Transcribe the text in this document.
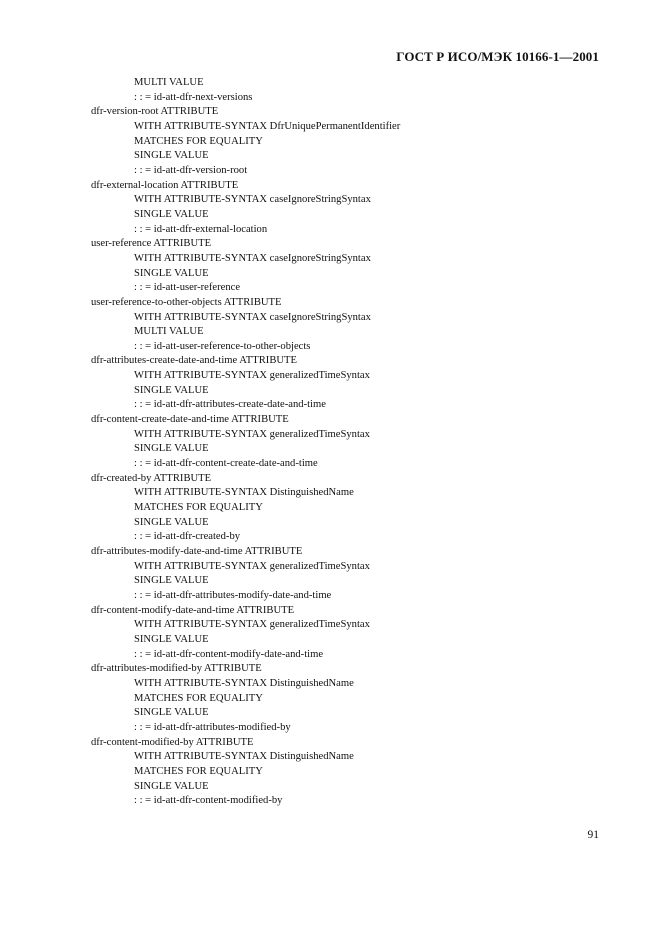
ГОСТ Р ИСО/МЭК 10166-1—2001
MULTI VALUE
: : = id-att-dfr-next-versions
dfr-version-root ATTRIBUTE
WITH ATTRIBUTE-SYNTAX DfrUniquePermanentIdentifier
MATCHES FOR EQUALITY
SINGLE VALUE
: : = id-att-dfr-version-root
dfr-external-location ATTRIBUTE
WITH ATTRIBUTE-SYNTAX caseIgnoreStringSyntax
SINGLE VALUE
: : = id-att-dfr-external-location
user-reference ATTRIBUTE
WITH ATTRIBUTE-SYNTAX caseIgnoreStringSyntax
SINGLE VALUE
: : = id-att-user-reference
user-reference-to-other-objects ATTRIBUTE
WITH ATTRIBUTE-SYNTAX caseIgnoreStringSyntax
MULTI VALUE
: : = id-att-user-reference-to-other-objects
dfr-attributes-create-date-and-time ATTRIBUTE
WITH ATTRIBUTE-SYNTAX generalizedTimeSyntax
SINGLE VALUE
: : = id-att-dfr-attributes-create-date-and-time
dfr-content-create-date-and-time ATTRIBUTE
WITH ATTRIBUTE-SYNTAX generalizedTimeSyntax
SINGLE VALUE
: : = id-att-dfr-content-create-date-and-time
dfr-created-by ATTRIBUTE
WITH ATTRIBUTE-SYNTAX DistinguishedName
MATCHES FOR EQUALITY
SINGLE VALUE
: : = id-att-dfr-created-by
dfr-attributes-modify-date-and-time ATTRIBUTE
WITH ATTRIBUTE-SYNTAX generalizedTimeSyntax
SINGLE VALUE
: : = id-att-dfr-attributes-modify-date-and-time
dfr-content-modify-date-and-time ATTRIBUTE
WITH ATTRIBUTE-SYNTAX generalizedTimeSyntax
SINGLE VALUE
: : = id-att-dfr-content-modify-date-and-time
dfr-attributes-modified-by ATTRIBUTE
WITH ATTRIBUTE-SYNTAX DistinguishedName
MATCHES FOR EQUALITY
SINGLE VALUE
: : = id-att-dfr-attributes-modified-by
dfr-content-modified-by ATTRIBUTE
WITH ATTRIBUTE-SYNTAX DistinguishedName
MATCHES FOR EQUALITY
SINGLE VALUE
: : = id-att-dfr-content-modified-by
91
